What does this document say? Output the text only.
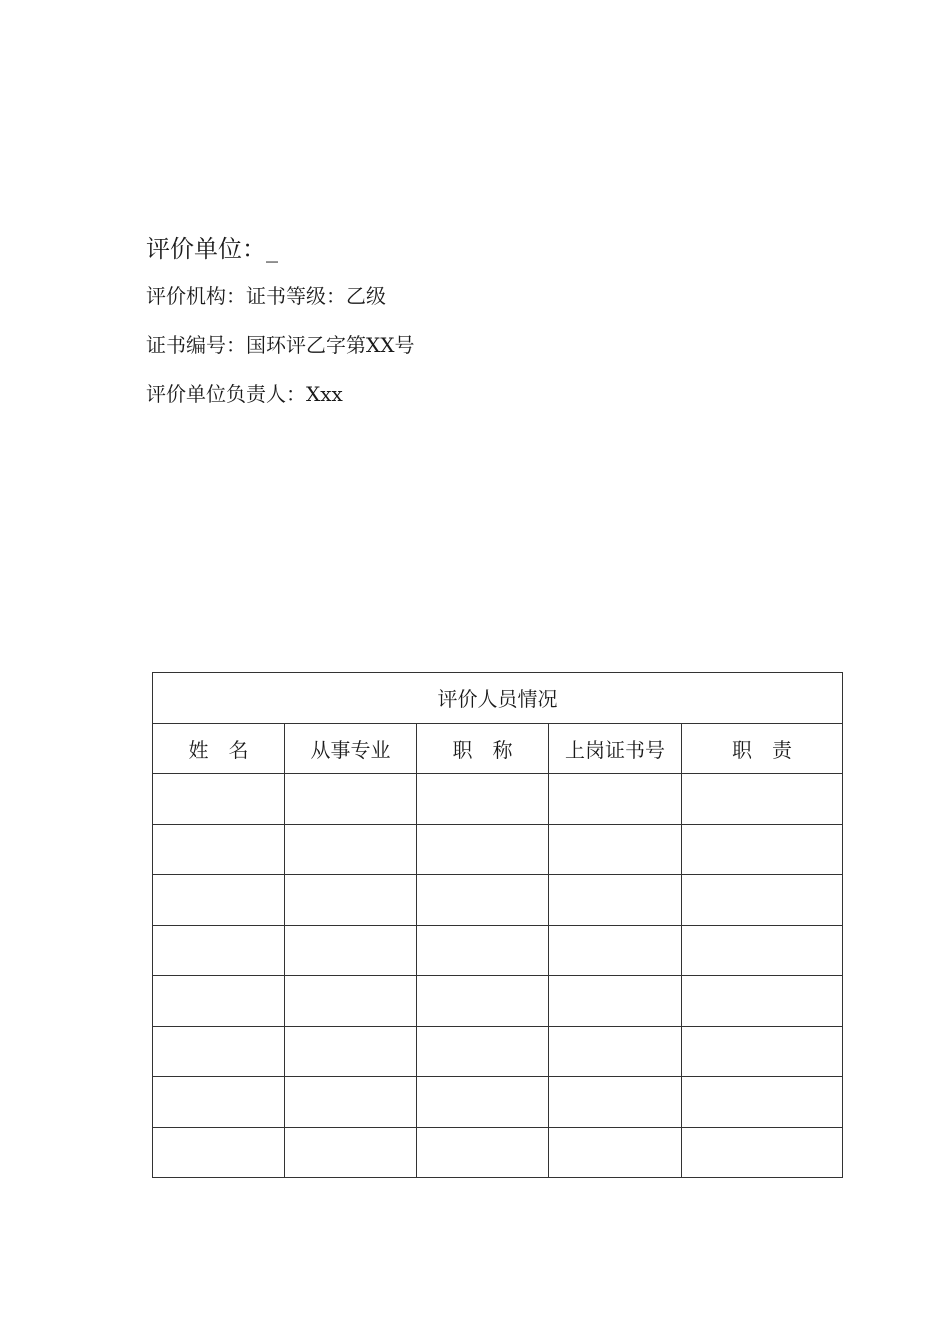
评价单位：_
评价机构：证书等级：乙级
证书编号：国环评乙字第XX号
评价单位负责人：Xxx
评价人员情况				
姓　名	从事专业	职　称	上岗证书号	职　责
